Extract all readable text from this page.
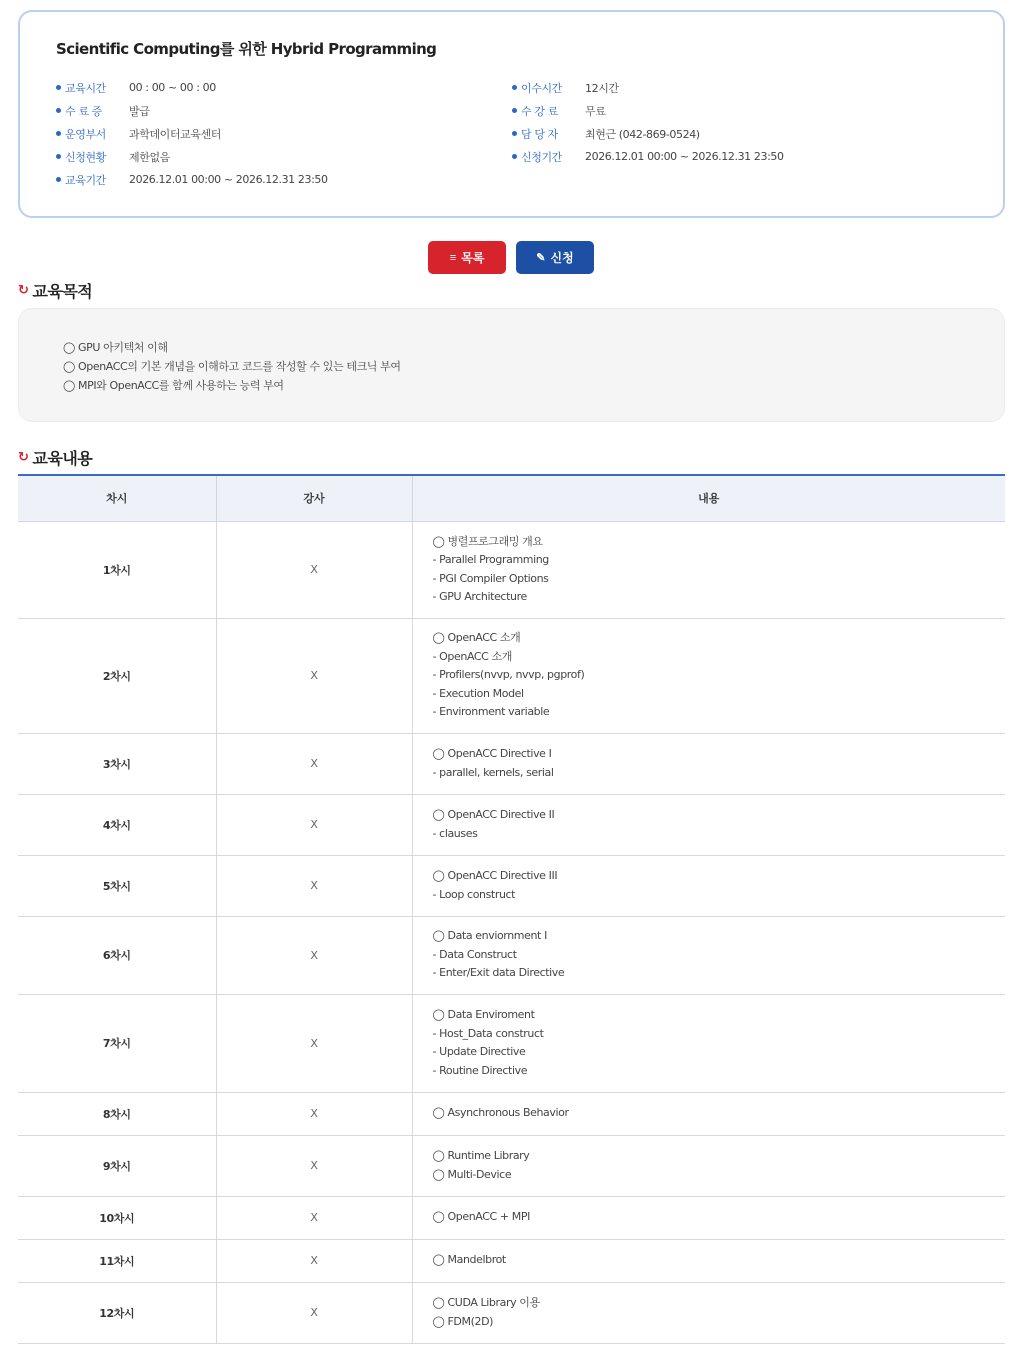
Scientific Computing를 위한 Hybrid Programming
교육시간	00 : 00 ~ 00 : 00
수 료 증	발급
운영부서	과학데이터교육센터
신청현황	제한없음
교육기간	2026.12.01 00:00 ~ 2026.12.31 23:50
이수시간	12시간
수 강 료	무료
담 당 자	최현근 (042-869-0524)
신청기간	2026.12.01 00:00 ~ 2026.12.31 23:50
≡ 목록	✎ 신청
↻ 교육목적
◯ GPU 아키텍처 이해
◯ OpenACC의 기본 개념을 이해하고 코드를 작성할 수 있는 테크닉 부여
◯ MPI와 OpenACC를 함께 사용하는 능력 부여
↻ 교육내용
차시	강사	내용
1차시	X	◯ 병렬프로그래밍 개요
- Parallel Programming
- PGI Compiler Options
- GPU Architecture

2차시	X	◯ OpenACC 소개
- OpenACC 소개
- Profilers(nvvp, nvvp, pgprof)
- Execution Model
- Environment variable

3차시	X	◯ OpenACC Directive I
- parallel, kernels, serial

4차시	X	◯ OpenACC Directive II
- clauses

5차시	X	◯ OpenACC Directive III
- Loop construct

6차시	X	◯ Data enviornment I
- Data Construct
- Enter/Exit data Directive

7차시	X	◯ Data Enviroment
- Host_Data construct
- Update Directive
- Routine Directive

8차시	X	◯ Asynchronous Behavior

9차시	X	◯ Runtime Library
◯ Multi-Device

10차시	X	◯ OpenACC + MPI

11차시	X	◯ Mandelbrot

12차시	X	◯ CUDA Library 이용
◯ FDM(2D)
